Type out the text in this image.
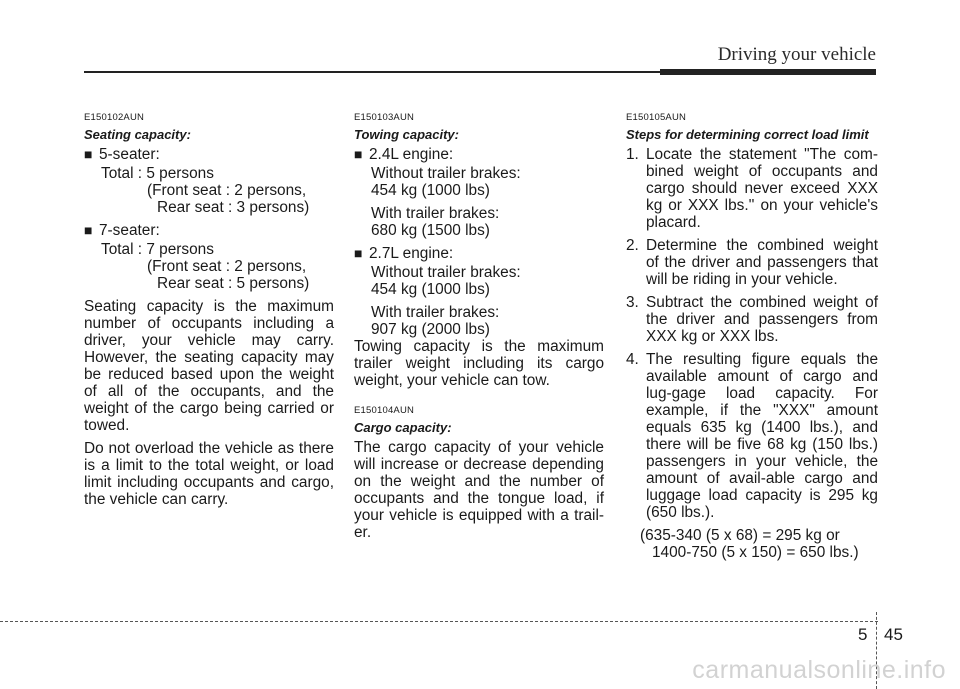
Driving your vehicle
E150102AUN
Seating capacity:
■ 5-seater:
Total : 5 persons
(Front seat : 2 persons,
Rear seat : 3 persons)
■ 7-seater:
Total : 7 persons
(Front seat : 2 persons,
Rear seat : 5 persons)

Seating capacity is the maximum number of occupants including a driver, your vehicle may carry. However, the seating capacity may be reduced based upon the weight of all of the occupants, and the weight of the cargo being carried or towed.

Do not overload the vehicle as there is a limit to the total weight, or load limit including occupants and cargo, the vehicle can carry.

E150103AUN
Towing capacity:
■ 2.4L engine:
Without trailer brakes:
454 kg (1000 lbs)
With trailer brakes:
680 kg (1500 lbs)
■ 2.7L engine:
Without trailer brakes:
454 kg (1000 lbs)
With trailer brakes:
907 kg (2000 lbs)

Towing capacity is the maximum trailer weight including its cargo weight, your vehicle can tow.

E150104AUN
Cargo capacity:

The cargo capacity of your vehicle will increase or decrease depending on the weight and the number of occupants and the tongue load, if your vehicle is equipped with a trail-er.

E150105AUN
Steps for determining correct load limit
1. Locate the statement "The com-bined weight of occupants and cargo should never exceed XXX kg or XXX lbs.'' on your vehicle's placard.
2. Determine the combined weight of the driver and passengers that will be riding in your vehicle.
3. Subtract the combined weight of the driver and passengers from XXX kg or XXX lbs.
4. The resulting figure equals the available amount of cargo and lug-gage load capacity. For example, if the "XXX" amount equals 635 kg (1400 lbs.), and there will be five 68 kg (150 lbs.) passengers in your vehicle, the amount of avail-able cargo and luggage load capacity is 295 kg (650 lbs.).
(635-340 (5 x 68) = 295 kg or
1400-750 (5 x 150) = 650 lbs.)
5 45
carmanualsonline.info
